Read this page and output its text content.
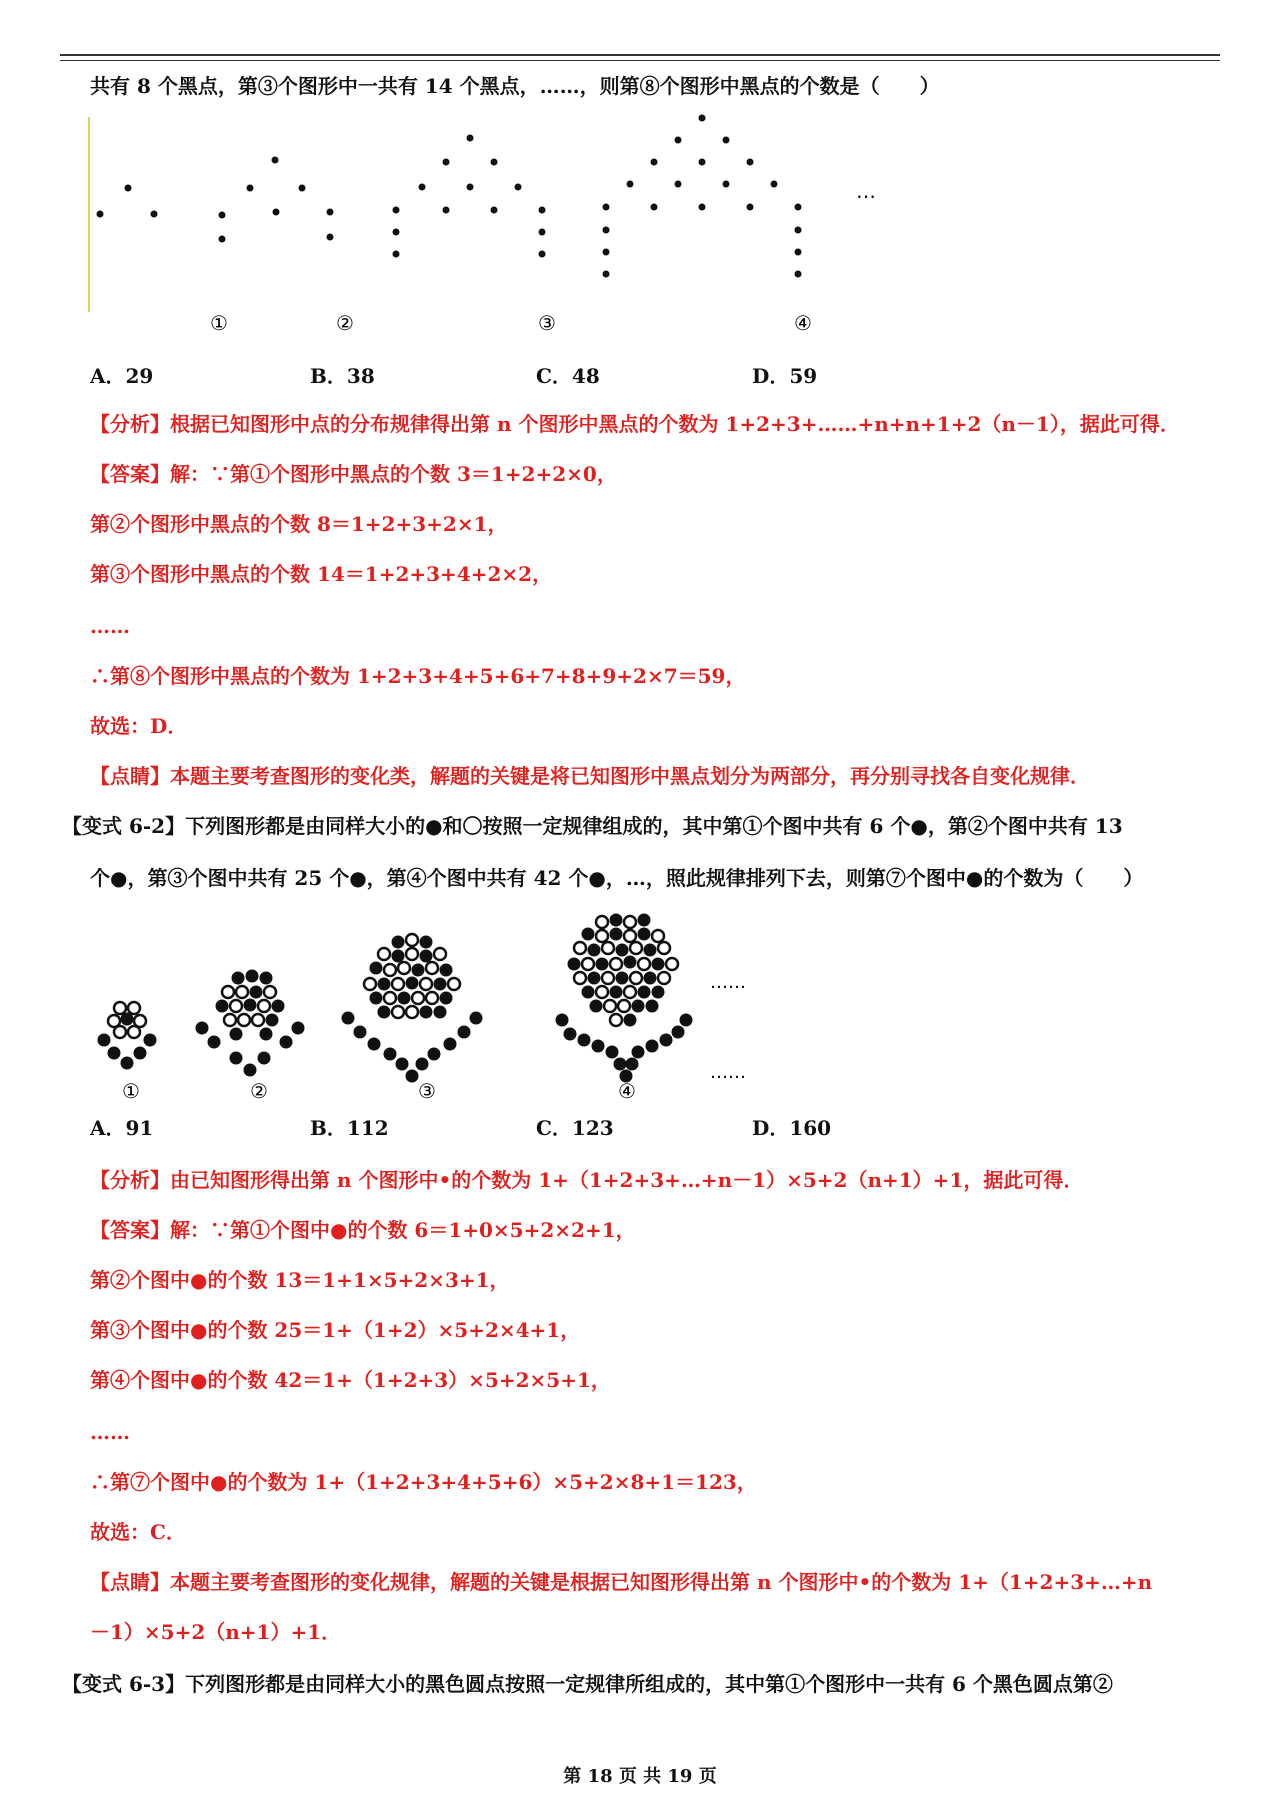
共有 8 个黑点，第③个图形中一共有 14 个黑点，……，则第⑧个图形中黑点的个数是（　　）
…
①	②	③	④
A．29	B．38	C．48	D．59
【分析】根据已知图形中点的分布规律得出第 n 个图形中黑点的个数为 1+2+3+……+n+n+1+2（n－1），据此可得．
【答案】解：∵第①个图形中黑点的个数 3＝1+2+2×0，
第②个图形中黑点的个数 8＝1+2+3+2×1，
第③个图形中黑点的个数 14＝1+2+3+4+2×2，
……
∴第⑧个图形中黑点的个数为 1+2+3+4+5+6+7+8+9+2×7＝59，
故选：D．
【点睛】本题主要考查图形的变化类，解题的关键是将已知图形中黑点划分为两部分，再分别寻找各自变化规律．
【变式 6-2】下列图形都是由同样大小的●和〇按照一定规律组成的，其中第①个图中共有 6 个●，第②个图中共有 13
个●，第③个图中共有 25 个●，第④个图中共有 42 个●，…，照此规律排列下去，则第⑦个图中●的个数为（　　）
……
……
①	②	③	④
A．91	B．112	C．123	D．160
【分析】由已知图形得出第 n 个图形中•的个数为 1+（1+2+3+…+n－1）×5+2（n+1）+1，据此可得．
【答案】解：∵第①个图中●的个数 6＝1+0×5+2×2+1，
第②个图中●的个数 13＝1+1×5+2×3+1，
第③个图中●的个数 25＝1+（1+2）×5+2×4+1，
第④个图中●的个数 42＝1+（1+2+3）×5+2×5+1，
……
∴第⑦个图中●的个数为 1+（1+2+3+4+5+6）×5+2×8+1＝123，
故选：C．
【点睛】本题主要考查图形的变化规律，解题的关键是根据已知图形得出第 n 个图形中•的个数为 1+（1+2+3+…+n
－1）×5+2（n+1）+1．
【变式 6-3】下列图形都是由同样大小的黑色圆点按照一定规律所组成的，其中第①个图形中一共有 6 个黑色圆点第②
第 18 页 共 19 页
